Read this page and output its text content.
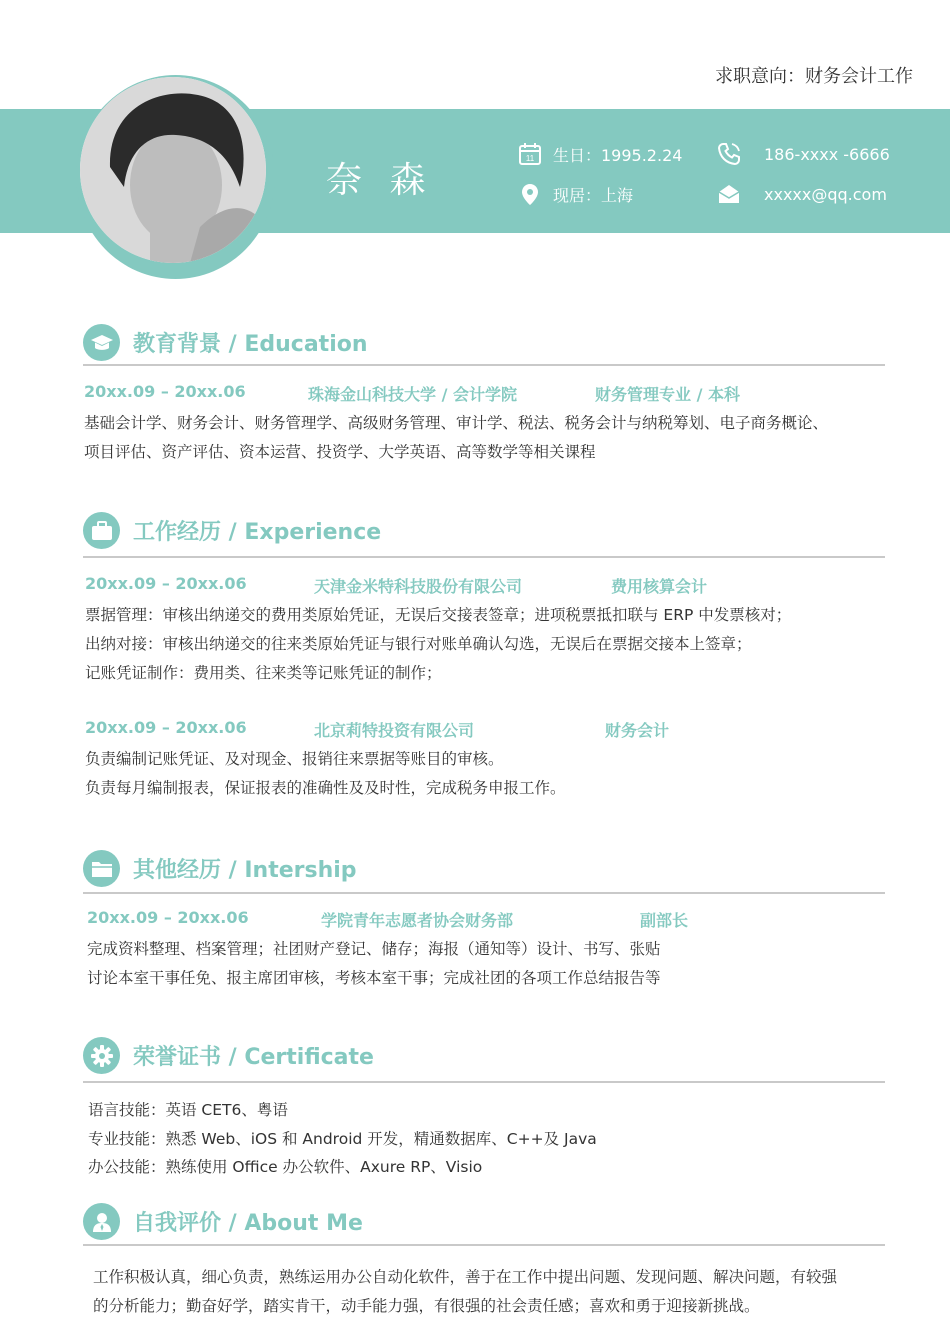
求职意向：财务会计工作
奈 森
11 生日：1995.2.24
现居：上海
186-xxxx -6666
xxxxx@qq.com
教育背景 / Education
20xx.09 – 20xx.06	珠海金山科技大学 / 会计学院	财务管理专业 / 本科
基础会计学、财务会计、财务管理学、高级财务管理、审计学、税法、税务会计与纳税筹划、电子商务概论、
项目评估、资产评估、资本运营、投资学、大学英语、高等数学等相关课程
工作经历 / Experience
20xx.09 – 20xx.06	天津金米特科技股份有限公司	费用核算会计
票据管理：审核出纳递交的费用类原始凭证，无误后交接表签章；进项税票抵扣联与 ERP 中发票核对；
出纳对接：审核出纳递交的往来类原始凭证与银行对账单确认勾选，无误后在票据交接本上签章；
记账凭证制作：费用类、往来类等记账凭证的制作；
20xx.09 – 20xx.06	北京莉特投资有限公司	财务会计
负责编制记账凭证、及对现金、报销往来票据等账目的审核。
负责每月编制报表，保证报表的准确性及及时性，完成税务申报工作。
其他经历 / Intership
20xx.09 – 20xx.06	学院青年志愿者协会财务部	副部长
完成资料整理、档案管理；社团财产登记、储存；海报（通知等）设计、书写、张贴
讨论本室干事任免、报主席团审核，考核本室干事；完成社团的各项工作总结报告等
荣誉证书 / Certificate
语言技能：英语 CET6、粤语
专业技能：熟悉 Web、iOS 和 Android 开发，精通数据库、C++及 Java
办公技能：熟练使用 Office 办公软件、Axure RP、Visio
自我评价 / About Me
工作积极认真，细心负责，熟练运用办公自动化软件，善于在工作中提出问题、发现问题、解决问题，有较强
的分析能力；勤奋好学，踏实肯干，动手能力强，有很强的社会责任感；喜欢和勇于迎接新挑战。
